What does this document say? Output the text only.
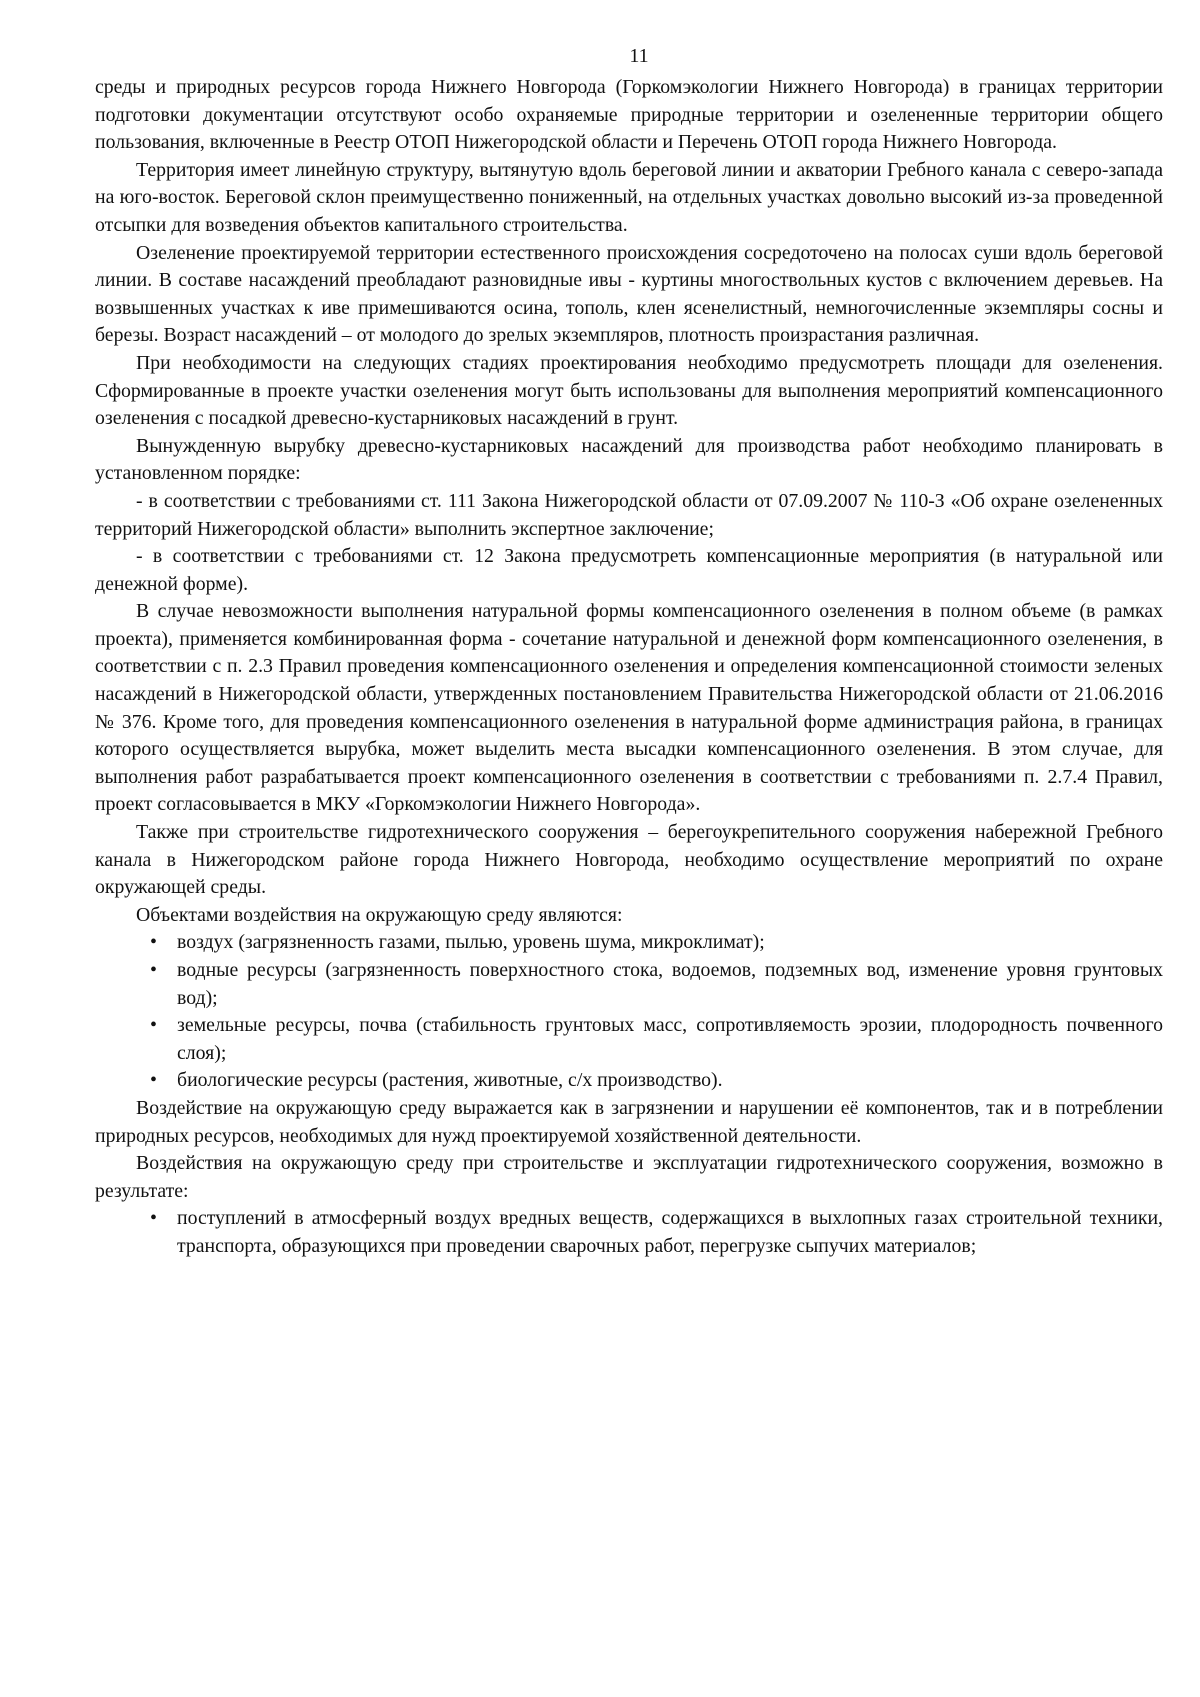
11

среды и природных ресурсов города Нижнего Новгорода (Горкомэкологии Нижнего Новгорода) в границах территории подготовки документации отсутствуют особо охраняемые природные территории и озелененные территории общего пользования, включенные в Реестр ОТОП Нижегородской области и Перечень ОТОП города Нижнего Новгорода.

Территория имеет линейную структуру, вытянутую вдоль береговой линии и акватории Гребного канала с северо-запада на юго-восток. Береговой склон преимущественно пониженный, на отдельных участках довольно высокий из-за проведенной отсыпки для возведения объектов капитального строительства.

Озеленение проектируемой территории естественного происхождения сосредоточено на полосах суши вдоль береговой линии. В составе насаждений преобладают разновидные ивы - куртины многоствольных кустов с включением деревьев. На возвышенных участках к иве примешиваются осина, тополь, клен ясенелистный, немногочисленные экземпляры сосны и березы. Возраст насаждений – от молодого до зрелых экземпляров, плотность произрастания различная.

При необходимости на следующих стадиях проектирования необходимо предусмотреть площади для озеленения. Сформированные в проекте участки озеленения могут быть использованы для выполнения мероприятий компенсационного озеленения с посадкой древесно-кустарниковых насаждений в грунт.

Вынужденную вырубку древесно-кустарниковых насаждений для производства работ необходимо планировать в установленном порядке:

- в соответствии с требованиями ст. 111 Закона Нижегородской области от 07.09.2007 № 110-З «Об охране озелененных территорий Нижегородской области» выполнить экспертное заключение;

- в соответствии с требованиями ст. 12 Закона предусмотреть компенсационные мероприятия (в натуральной или денежной форме).

В случае невозможности выполнения натуральной формы компенсационного озеленения в полном объеме (в рамках проекта), применяется комбинированная форма - сочетание натуральной и денежной форм компенсационного озеленения, в соответствии с п. 2.3 Правил проведения компенсационного озеленения и определения компенсационной стоимости зеленых насаждений в Нижегородской области, утвержденных постановлением Правительства Нижегородской области от 21.06.2016 № 376. Кроме того, для проведения компенсационного озеленения в натуральной форме администрация района, в границах которого осуществляется вырубка, может выделить места высадки компенсационного озеленения. В этом случае, для выполнения работ разрабатывается проект компенсационного озеленения в соответствии с требованиями п. 2.7.4 Правил, проект согласовывается в МКУ «Горкомэкологии Нижнего Новгорода».

Также при строительстве гидротехнического сооружения – берегоукрепительного сооружения набережной Гребного канала в Нижегородском районе города Нижнего Новгорода, необходимо осуществление мероприятий по охране окружающей среды.

Объектами воздействия на окружающую среду являются:

• воздух (загрязненность газами, пылью, уровень шума, микроклимат);
• водные ресурсы (загрязненность поверхностного стока, водоемов, подземных вод, изменение уровня грунтовых вод);
• земельные ресурсы, почва (стабильность грунтовых масс, сопротивляемость эрозии, плодородность почвенного слоя);
• биологические ресурсы (растения, животные, с/х производство).

Воздействие на окружающую среду выражается как в загрязнении и нарушении её компонентов, так и в потреблении природных ресурсов, необходимых для нужд проектируемой хозяйственной деятельности.

Воздействия на окружающую среду при строительстве и эксплуатации гидротехнического сооружения, возможно в результате:

• поступлений в атмосферный воздух вредных веществ, содержащихся в выхлопных газах строительной техники, транспорта, образующихся при проведении сварочных работ, перегрузке сыпучих материалов;
